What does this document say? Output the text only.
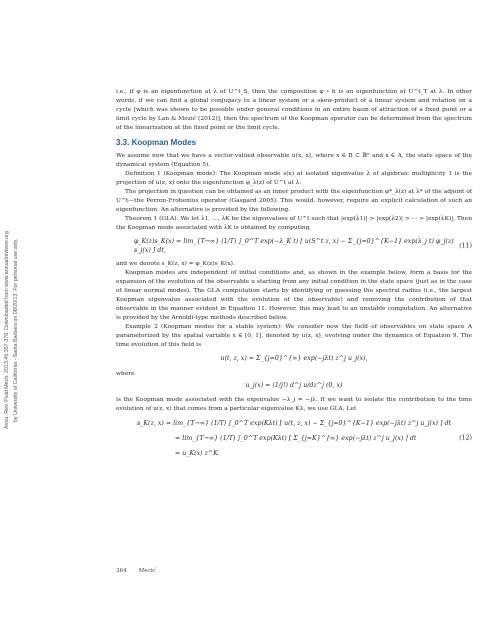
Annu. Rev. Fluid Mech. 2013.45:357-378. Downloaded from www.annualreviews.org by University of California - Santa Barbara on 08/20/13. For personal use only.

i.e., if φ is an eigenfunction at λ of U^t_S, then the composition φ ∘ h is an eigenfunction of U^t_T at λ. In other words, if we can find a global conjugacy to a linear system or a skew-product of a linear system and rotation on a cycle [which was shown to be possible under general conditions in an entire basin of attraction of a fixed point or a limit cycle by Lan & Mezić (2012)], then the spectrum of the Koopman operator can be determined from the spectrum of the linearization at the fixed point or the limit cycle.

3.3. Koopman Modes

We assume now that we have a vector-valued observable u(x, x), where x ∈ B ⊂ ℝⁿ and x ∈ A, the state space of the dynamical system (Equation 5).

Definition 1 (Koopman mode): The Koopman mode s(x) at isolated eigenvalue λ of algebraic multiplicity 1 is the projection of u(z, x) onto the eigenfunction φ_λ(z) of U^t at λ.

The projection in question can be obtained as an inner product with the eigenfunction φ*_λ(z) at λ* of the adjoint of U^t—the Perron-Frobenius operator (Gaspard 2005). This would, however, require an explicit calculation of such an eigenfunction. An alternative is provided by the following.

Theorem 1 (GLA): We let λ1, ..., λK be the eigenvalues of U^t such that |exp(λ1)| > |exp(λ2)| > ··· > |exp(λK)|. Then the Koopman mode associated with λK is obtained by computing

φ_K(z)s_K(x) = lim_{T→∞} (1/T) ∫_0^T exp(−λ_K t) [ u(S^t z, x) − Σ_{j=0}^{K−1} exp(λ_j t) φ_j(z) s_j(x) ] dt,
(11)

and we denote s_K(z, x) = φ_K(z)s_K(x).

Koopman modes are independent of initial conditions and, as shown in the example below, form a basis for the expansion of the evolution of the observable u starting from any initial condition in the state space (just as in the case of linear normal modes). The GLA computation starts by identifying or guessing the spectral radius (i.e., the largest Koopman eigenvalue associated with the evolution of the observable) and removing the contribution of that observable in the manner evident in Equation 11. However, this may lead to an unstable computation. An alternative is provided by the Arnoldi-type methods described below.

Example 2 (Koopman modes for a stable system): We consider now the field of observables on state space A parameterized by the spatial variable x ∈ [0, 1], denoted by u(z, x), evolving under the dynamics of Equation 9. The time evolution of this field is

u(t, z, x) = Σ_{j=0}^{∞} exp(−jλt) z^j u_j(x),

where

u_j(x) = (1/j!) d^j u/dz^j (0, x)

is the Koopman mode associated with the eigenvalue −λ_j = −jλ. If we want to isolate the contribution to the time evolution of u(z, x) that comes from a particular eigenvalue Kλ, we use GLA. Let

s_K(z, x) = lim_{T→∞} (1/T) ∫_0^T exp(Kλt) [ u(t, z, x) − Σ_{j=0}^{K−1} exp(−jλt) z^j u_j(x) ] dt
= lim_{T→∞} (1/T) ∫_0^T exp(Kλt) [ Σ_{j=K}^{∞} exp(−jλt) z^j u_j(x) ] dt
= u_K(x) z^K.
(12)
364 Mezić
